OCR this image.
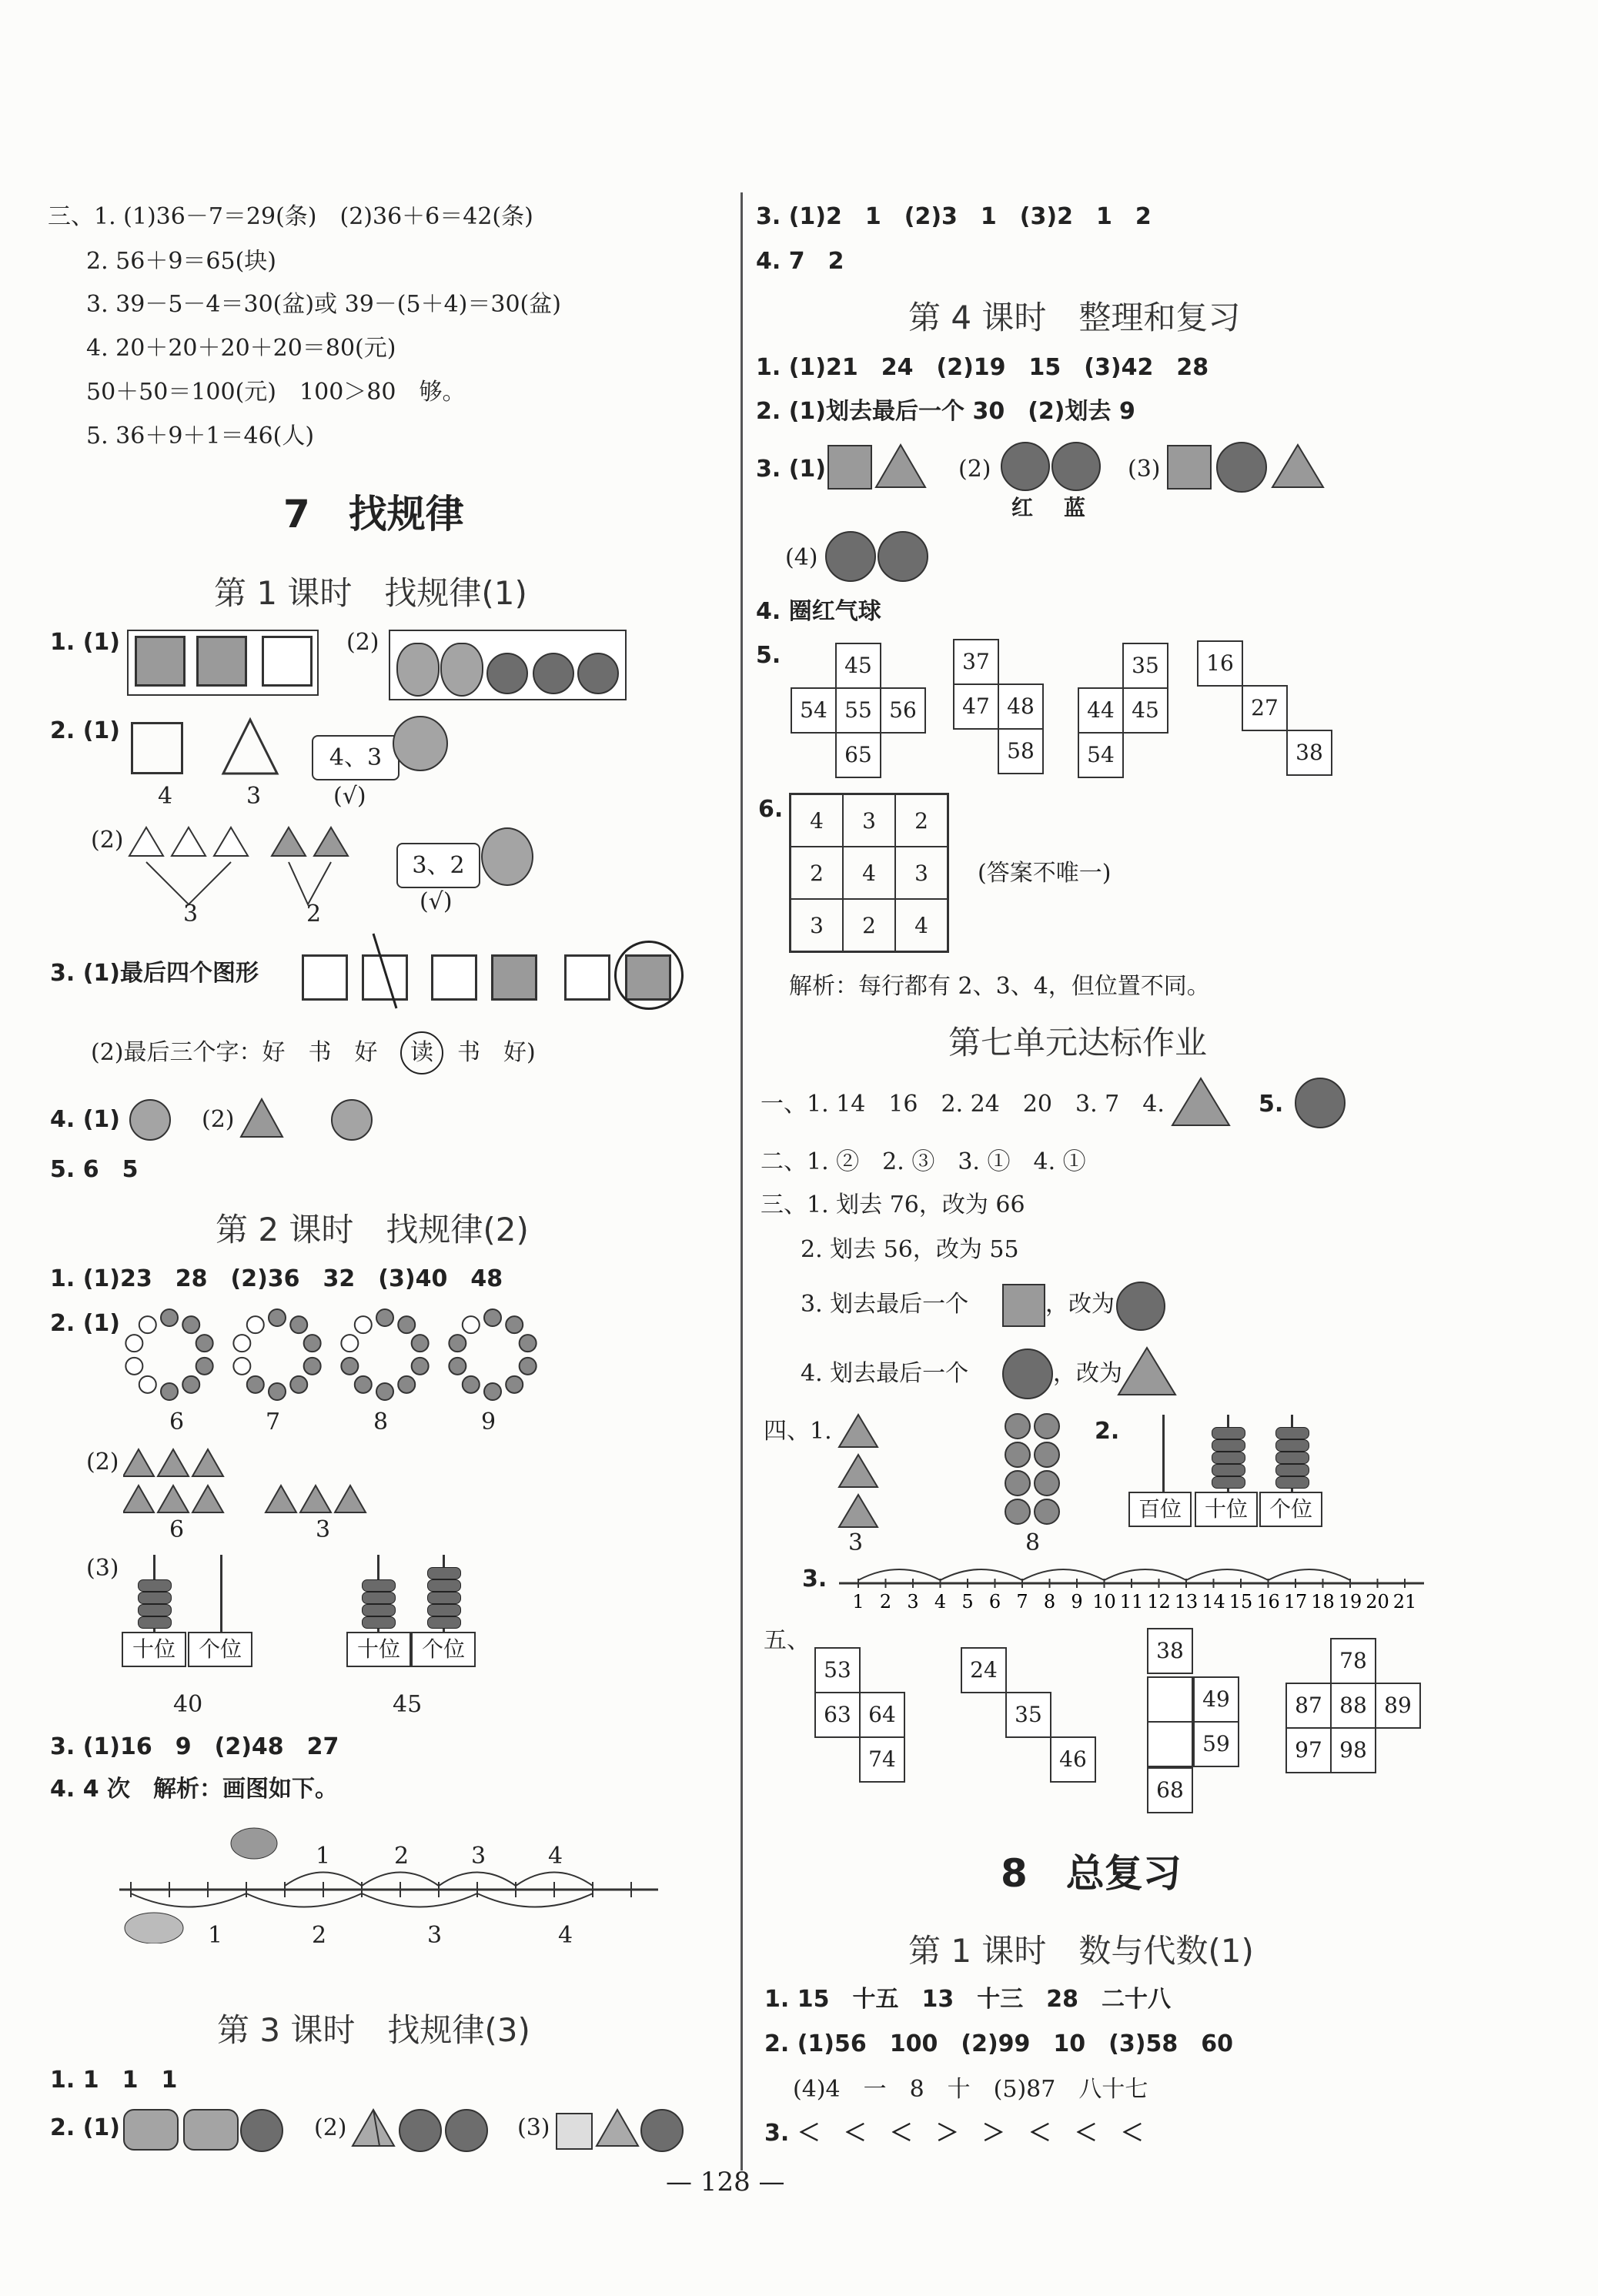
三、1. (1)36－7＝29(条)　(2)36＋6＝42(条)
2. 56＋9＝65(块)
3. 39－5－4＝30(盆)或 39－(5＋4)＝30(盆)
4. 20＋20＋20＋20＝80(元)
50＋50＝100(元)　100＞80　够。
5. 36＋9＋1＝46(人)
7　找规律
第 1 课时　找规律(1)
1. (1)	(2)
2. (1)
4	3
4、3
(√)
(2)
3	2
3、2
(√)
3. (1)最后四个图形
(2)最后三个字：好　书　好	读	书　好)
4. (1)	(2)
5. 6　5
第 2 课时　找规律(2)
1. (1)23　28　(2)36　32　(3)40　48
2. (1)
6	7	8	9
(2)
6	3
(3)
十位	个位
40
十位 个位
45
3. (1)16　9　(2)48　27
4. 4 次　解析：画图如下。
1	2	3	4
1	2	3	4
第 3 课时　找规律(3)
1. 1　1　1
2. (1)	(2)	(3)
3. (1)2　1　(2)3　1　(3)2　1　2
4. 7　2
第 4 课时　整理和复习
1. (1)21　24　(2)19　15　(3)42　28
2. (1)划去最后一个 30　(2)划去 9
3. (1)	(2)
红 蓝
(3)
(4)
4. 圈红气球
5.	45
54 55 56
65
37
47 48
58
35
44 45
54
16
27
38
6. 4	3	2
2	4	3
3	2	4
(答案不唯一)
解析：每行都有 2、3、4，但位置不同。
第七单元达标作业
一、1. 14　16　2. 24　20　3. 7　4.	5.
二、1. ②　2. ③　3. ①　4. ①
三、1. 划去 76，改为 66
2. 划去 56，改为 55
3. 划去最后一个	，改为
4. 划去最后一个	，改为
四、1.
3	8
2.
百位	十位 个位
3.
1 2 3 4 5 6 7 8 9 10 11 12 13 14 15 16 17 18 19 20 21
五、
53
63 64
74
24
35
46
38
49
59
68
78
87 88 89
97 98
8　总复习
第 1 课时　数与代数(1)
1. 15　十五　13　十三　28　二十八
2. (1)56　100　(2)99　10　(3)58　60
(4)4　一　8　十　(5)87　八十七
3. ＜　＜　＜　＞　＞　＜　＜　＜
— 128 —
